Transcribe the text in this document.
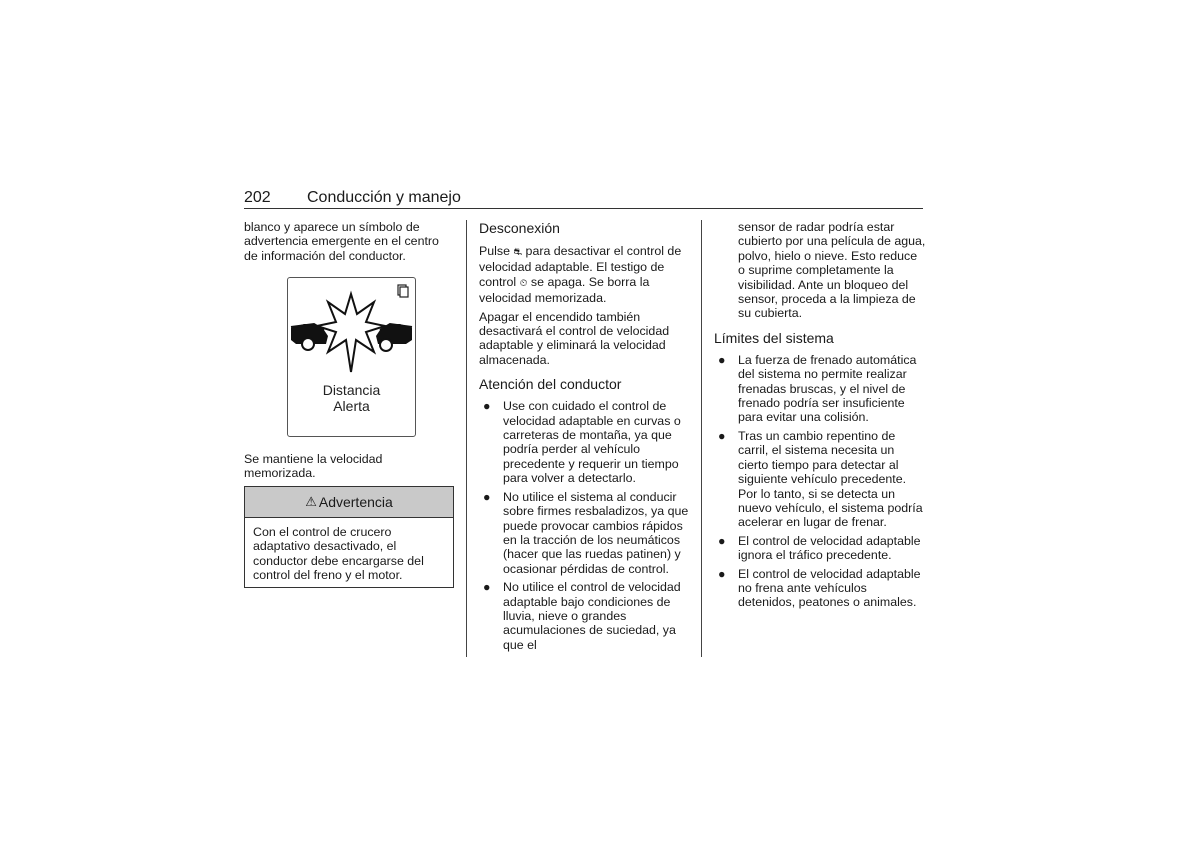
202 Conducción y manejo

blanco y aparece un símbolo de advertencia emergente en el centro de información del conductor.

Distancia
Alerta

Se mantiene la velocidad memorizada.

⚠ Advertencia
Con el control de crucero adaptativo desactivado, el conductor debe encargarse del control del freno y el motor.
Desconexión

Pulse ⛐ para desactivar el control de velocidad adaptable. El testigo de control ⏲ se apaga. Se borra la velocidad memorizada.

Apagar el encendido también desactivará el control de velocidad adaptable y eliminará la velocidad almacenada.

Atención del conductor
● Use con cuidado el control de velocidad adaptable en curvas o carreteras de montaña, ya que podría perder al vehículo precedente y requerir un tiempo para volver a detectarlo.
● No utilice el sistema al conducir sobre firmes resbaladizos, ya que puede provocar cambios rápidos en la tracción de los neumáticos (hacer que las ruedas patinen) y ocasionar pérdidas de control.
● No utilice el control de velocidad adaptable bajo condiciones de lluvia, nieve o grandes acumulaciones de suciedad, ya que el

sensor de radar podría estar cubierto por una película de agua, polvo, hielo o nieve. Esto reduce o suprime completamente la visibilidad. Ante un bloqueo del sensor, proceda a la limpieza de su cubierta.

Límites del sistema
● La fuerza de frenado automática del sistema no permite realizar frenadas bruscas, y el nivel de frenado podría ser insuficiente para evitar una colisión.
● Tras un cambio repentino de carril, el sistema necesita un cierto tiempo para detectar al siguiente vehículo precedente. Por lo tanto, si se detecta un nuevo vehículo, el sistema podría acelerar en lugar de frenar.
● El control de velocidad adaptable ignora el tráfico precedente.
● El control de velocidad adaptable no frena ante vehículos detenidos, peatones o animales.
